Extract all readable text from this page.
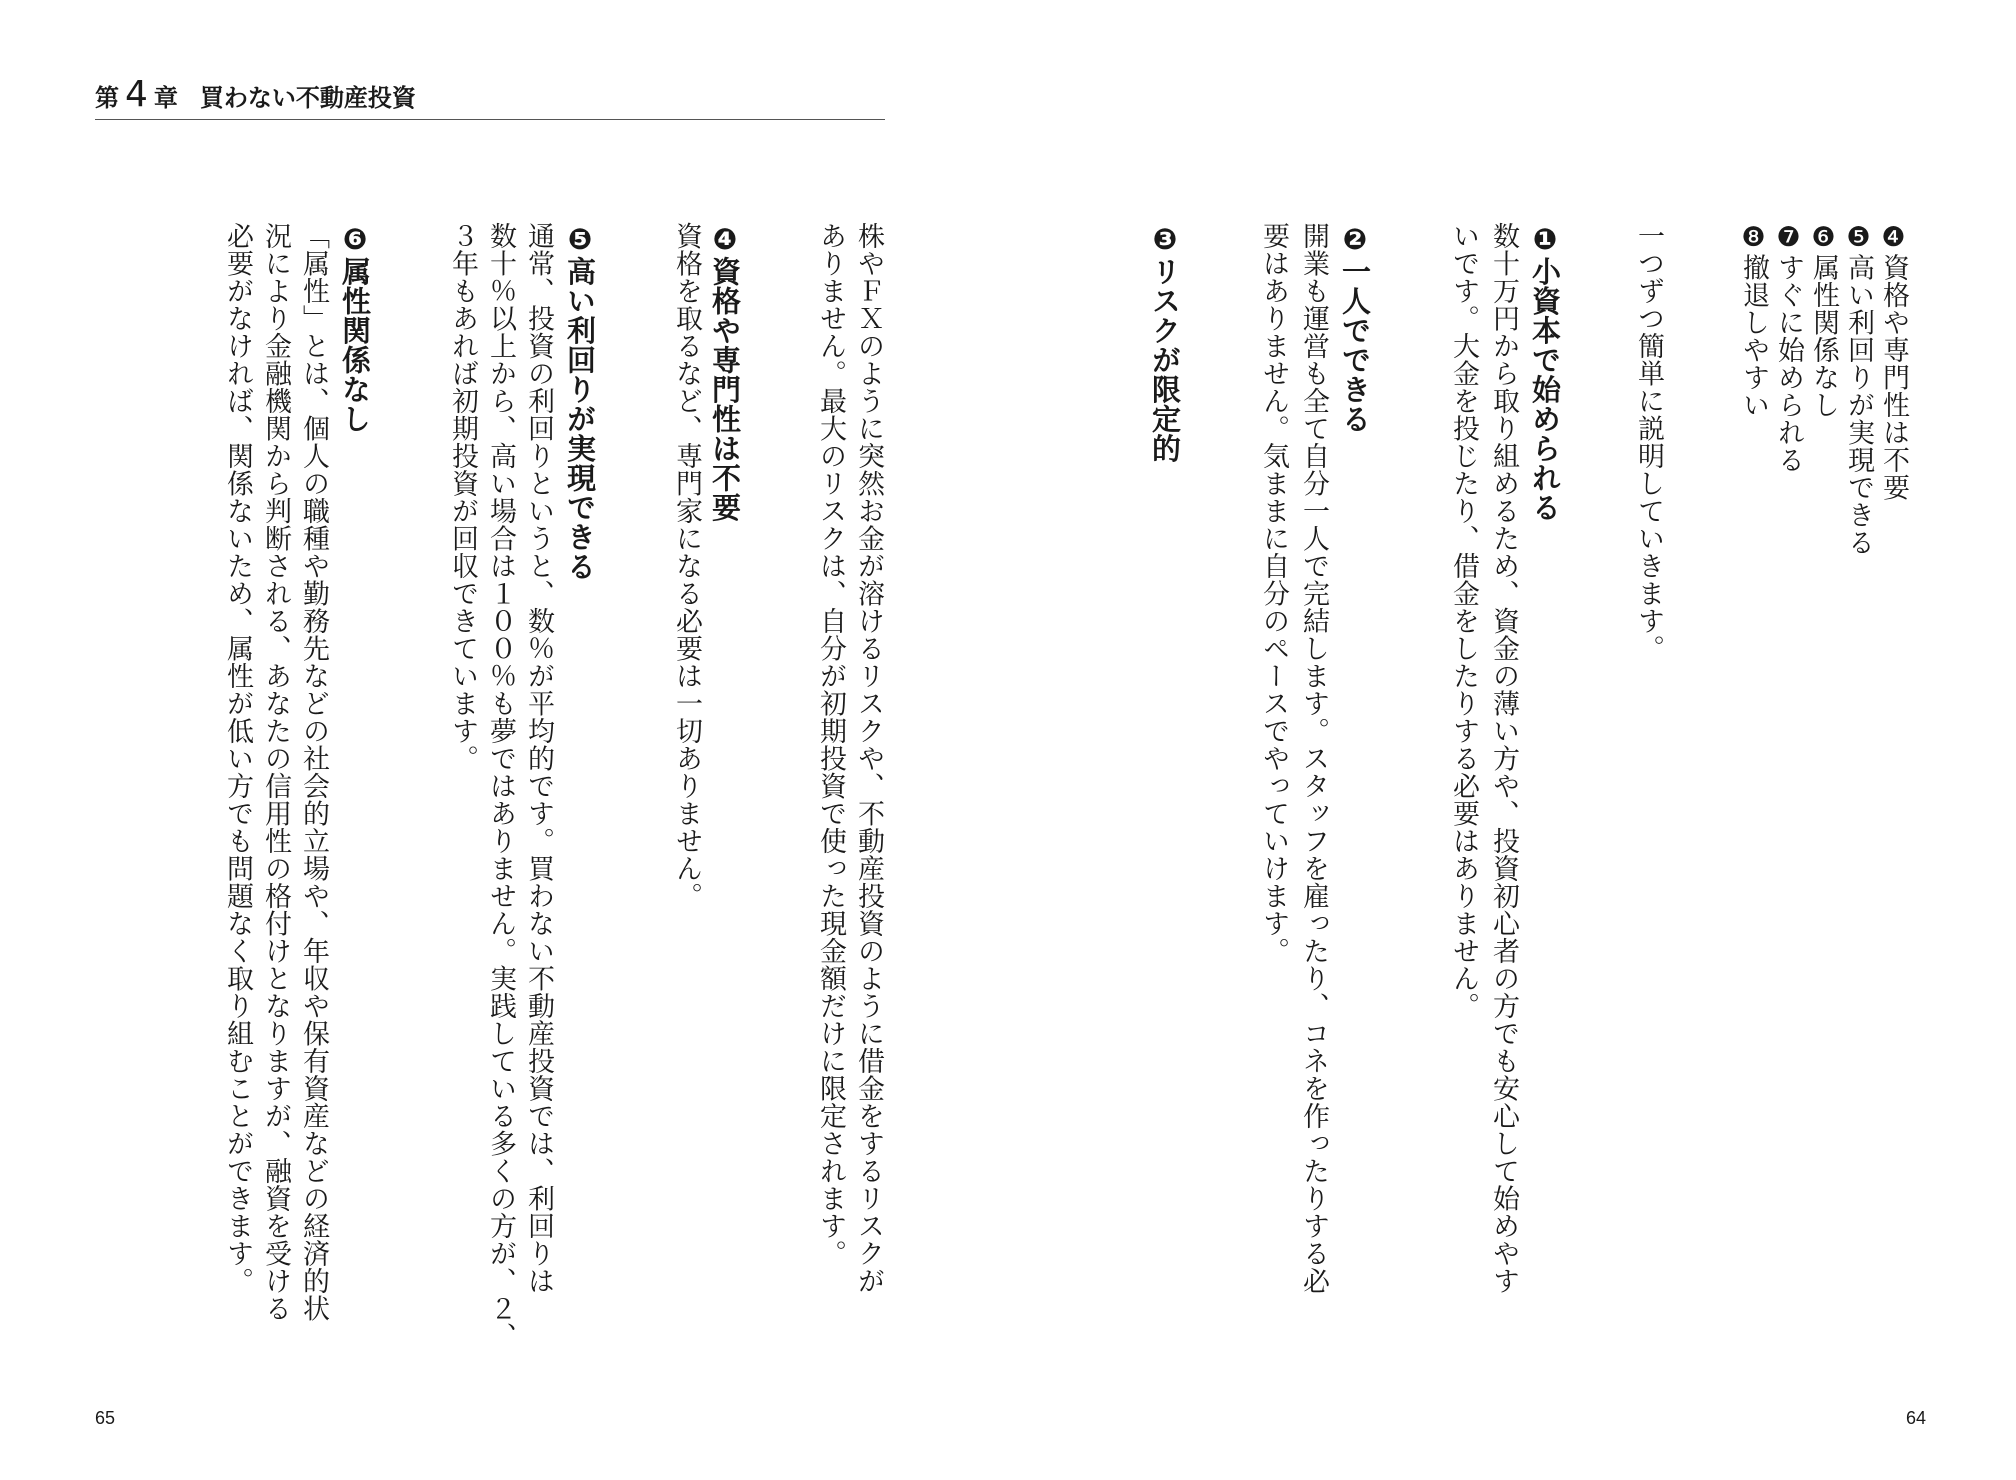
第 4 章 買わない不動産投資
65	64
❹資格や専門性は不要
❺高い利回りが実現できる
❻属性関係なし
❼すぐに始められる
❽撤退しやすい
一つずつ簡単に説明していきます。
❶小資本で始められる
数十万円から取り組めるため、資金の薄い方や、投資初心者の方でも安心して始めやす
いです。大金を投じたり、借金をしたりする必要はありません。
❷一人でできる
開業も運営も全て自分一人で完結します。スタッフを雇ったり、コネを作ったりする必
要はありません。気ままに自分のペースでやっていけます。
❸リスクが限定的
株やＦＸのように突然お金が溶けるリスクや、不動産投資のように借金をするリスクが
ありません。最大のリスクは、自分が初期投資で使った現金額だけに限定されます。
❹資格や専門性は不要
資格を取るなど、専門家になる必要は一切ありません。
❺高い利回りが実現できる
通常、投資の利回りというと、数％が平均的です。買わない不動産投資では、利回りは
数十％以上から、高い場合は１００％も夢ではありません。実践している多くの方が、２、
３年もあれば初期投資が回収できています。
❻属性関係なし
「属性」とは、個人の職種や勤務先などの社会的立場や、年収や保有資産などの経済的状
況により金融機関から判断される、あなたの信用性の格付けとなりますが、融資を受ける
必要がなければ、関係ないため、属性が低い方でも問題なく取り組むことができます。
